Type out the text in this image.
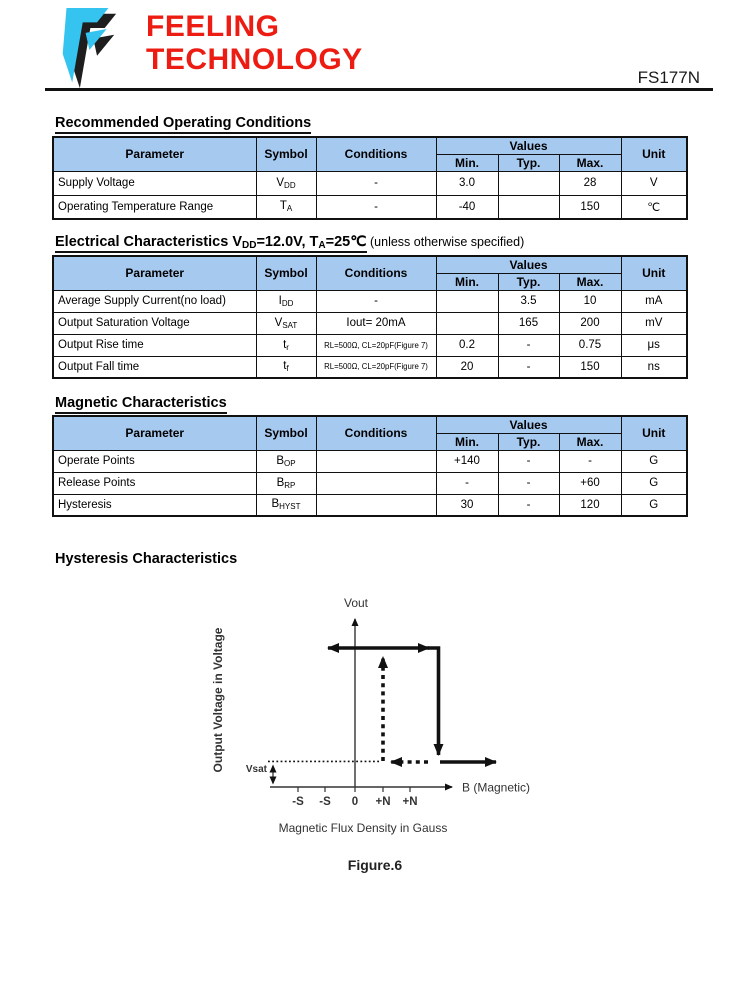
FEELING
TECHNOLOGY
FS177N
Recommended Operating Conditions
Parameter	Symbol	Conditions	Values			Unit
			Min.	Typ.	Max.	
Supply Voltage	$V_{DD}$	-	3.0		28	V
Operating Temperature Range	$T_A$	-	-40		150	℃
Electrical Characteristics VDD=12.0V, TA=25℃ (unless otherwise specified)
Parameter	Symbol	Conditions	Values			Unit
			Min.	Typ.	Max.	
Average Supply Current(no load)	$I_{DD}$	-		3.5	10	mA
Output Saturation Voltage	$V_{SAT}$	Iout= 20mA		165	200	mV
Output Rise time	$t_r$	RL=500Ω, CL=20pF(Figure 7)	0.2	-	0.75	μs
Output Fall time	$t_f$	RL=500Ω, CL=20pF(Figure 7)	20	-	150	ns
Magnetic Characteristics
Parameter	Symbol	Conditions	Values			Unit
			Min.	Typ.	Max.	
Operate Points	$B_{OP}$		+140	-	-	G
Release Points	$B_{RP}$		-	-	+60	G
Hysteresis	$B_{HYST}$		30	-	120	G
Hysteresis Characteristics
Vout
B (Magnetic)
Vsat
Output Voltage in Voltage
-S -S 0 +N +N
Magnetic Flux Density in Gauss
Figure.6
